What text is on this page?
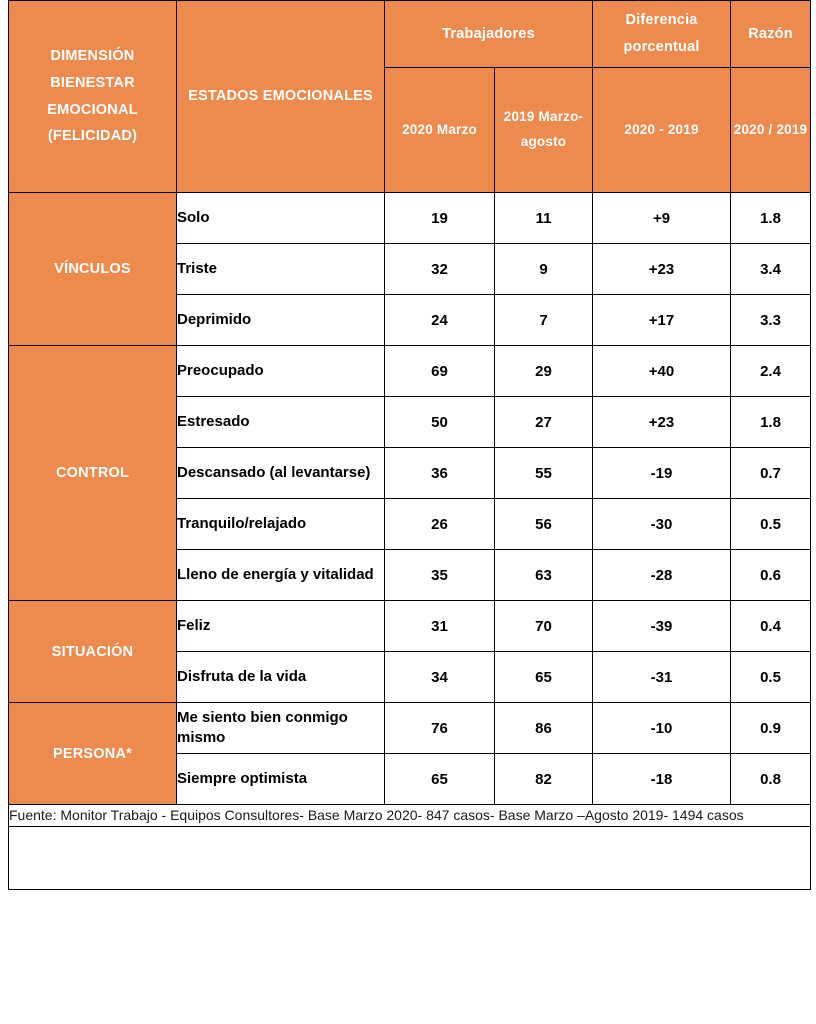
DIMENSIÓN
BIENESTAR
EMOCIONAL
(FELICIDAD)	ESTADOS EMOCIONALES	Trabajadores		Diferencia porcentual	Razón
		2020 Marzo	2019 Marzo- agosto	2020 - 2019	2020 / 2019
VÍNCULOS	Solo	19	11	+9	1.8
	Triste	32	9	+23	3.4
	Deprimido	24	7	+17	3.3
CONTROL	Preocupado	69	29	+40	2.4
	Estresado	50	27	+23	1.8
	Descansado (al levantarse)	36	55	-19	0.7
	Tranquilo/relajado	26	56	-30	0.5
	Lleno de energía y vitalidad	35	63	-28	0.6
SITUACIÓN	Feliz	31	70	-39	0.4
	Disfruta de la vida	34	65	-31	0.5
PERSONA*	Me siento bien conmigo mismo	76	86	-10	0.9
	Siempre optimista	65	82	-18	0.8
Fuente: Monitor Trabajo - Equipos Consultores- Base Marzo 2020- 847 casos- Base Marzo –Agosto 2019- 1494 casos					
